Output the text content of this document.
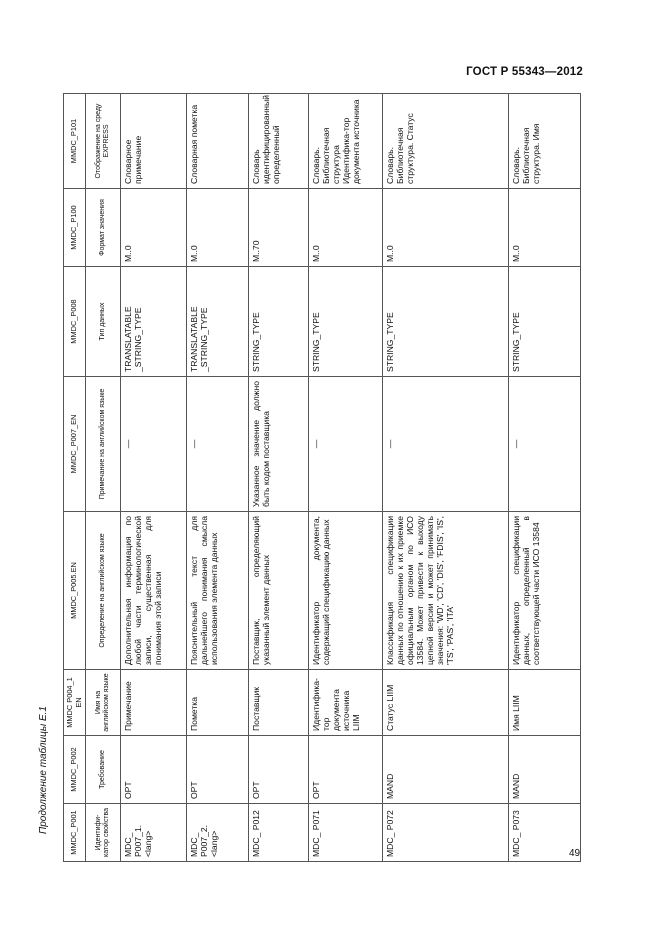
ГОСТ Р 55343—2012
Продолжение таблицы Е.1	MMDC_P001	MMDC_P002	MMDC P004_1 EN	MMDC_P005.EN	MMDC_P007_EN	MMDC_P008	MMDC_P100	MMDC_P101
Идентифи-катор свойства	Требование	Имя на английском языке	Определение на английском языке	Примечание на английском языке	Тип данных	Формат значения	Отображение на среду EXPRESS
MDC_ P007_1. <lang>	OPT	Примечание	Дополнительная информация по любой части терминологической записи, существенная для понимания этой записи	—	TRANSLATABLE _STRING_TYPE	M..0	Словарное примечание
MDC_ P007_2. <lang>	OPT	Пометка	Пояснительный текст для дальнейшего понимания смысла использования элемента данных	—	TRANSLATABLE _STRING_TYPE	M..0	Словарная пометка
MDC_ P012	OPT	Поставщик	Поставщик, определяющий указанный элемент данных	Указанное значение должно быть кодом поставщика	STRING_TYPE	M..70	Словарь идентифицированный определенный
MDC_ P071	OPT	Идентифика-тор документа источника LIIM	Идентификатор документа, содержащий спецификацию данных	—	STRING_TYPE	M..0	Словарь. Библиотечная структура Идентифика-тор документа источника
MDC_ P072	MAND	Статус LIIM	Классификация спецификации данных по отношению к их приемке официальным органом по ИСО 13584. Может привести к выходу цепной версии и может принимать значения: 'WD', 'CD', 'DIS', 'FDIS', 'IS', 'TS', 'PAS', 'ITA'	—	STRING_TYPE	M..0	Словарь. Библиотечная структура. Статус
MDC_ P073	MAND	Имя LIIM	Идентификатор спецификации данных, определенный в соответствующей части ИСО 13584	—	STRING_TYPE	M..0	Словарь. Библиотечная структура. Имя
49
